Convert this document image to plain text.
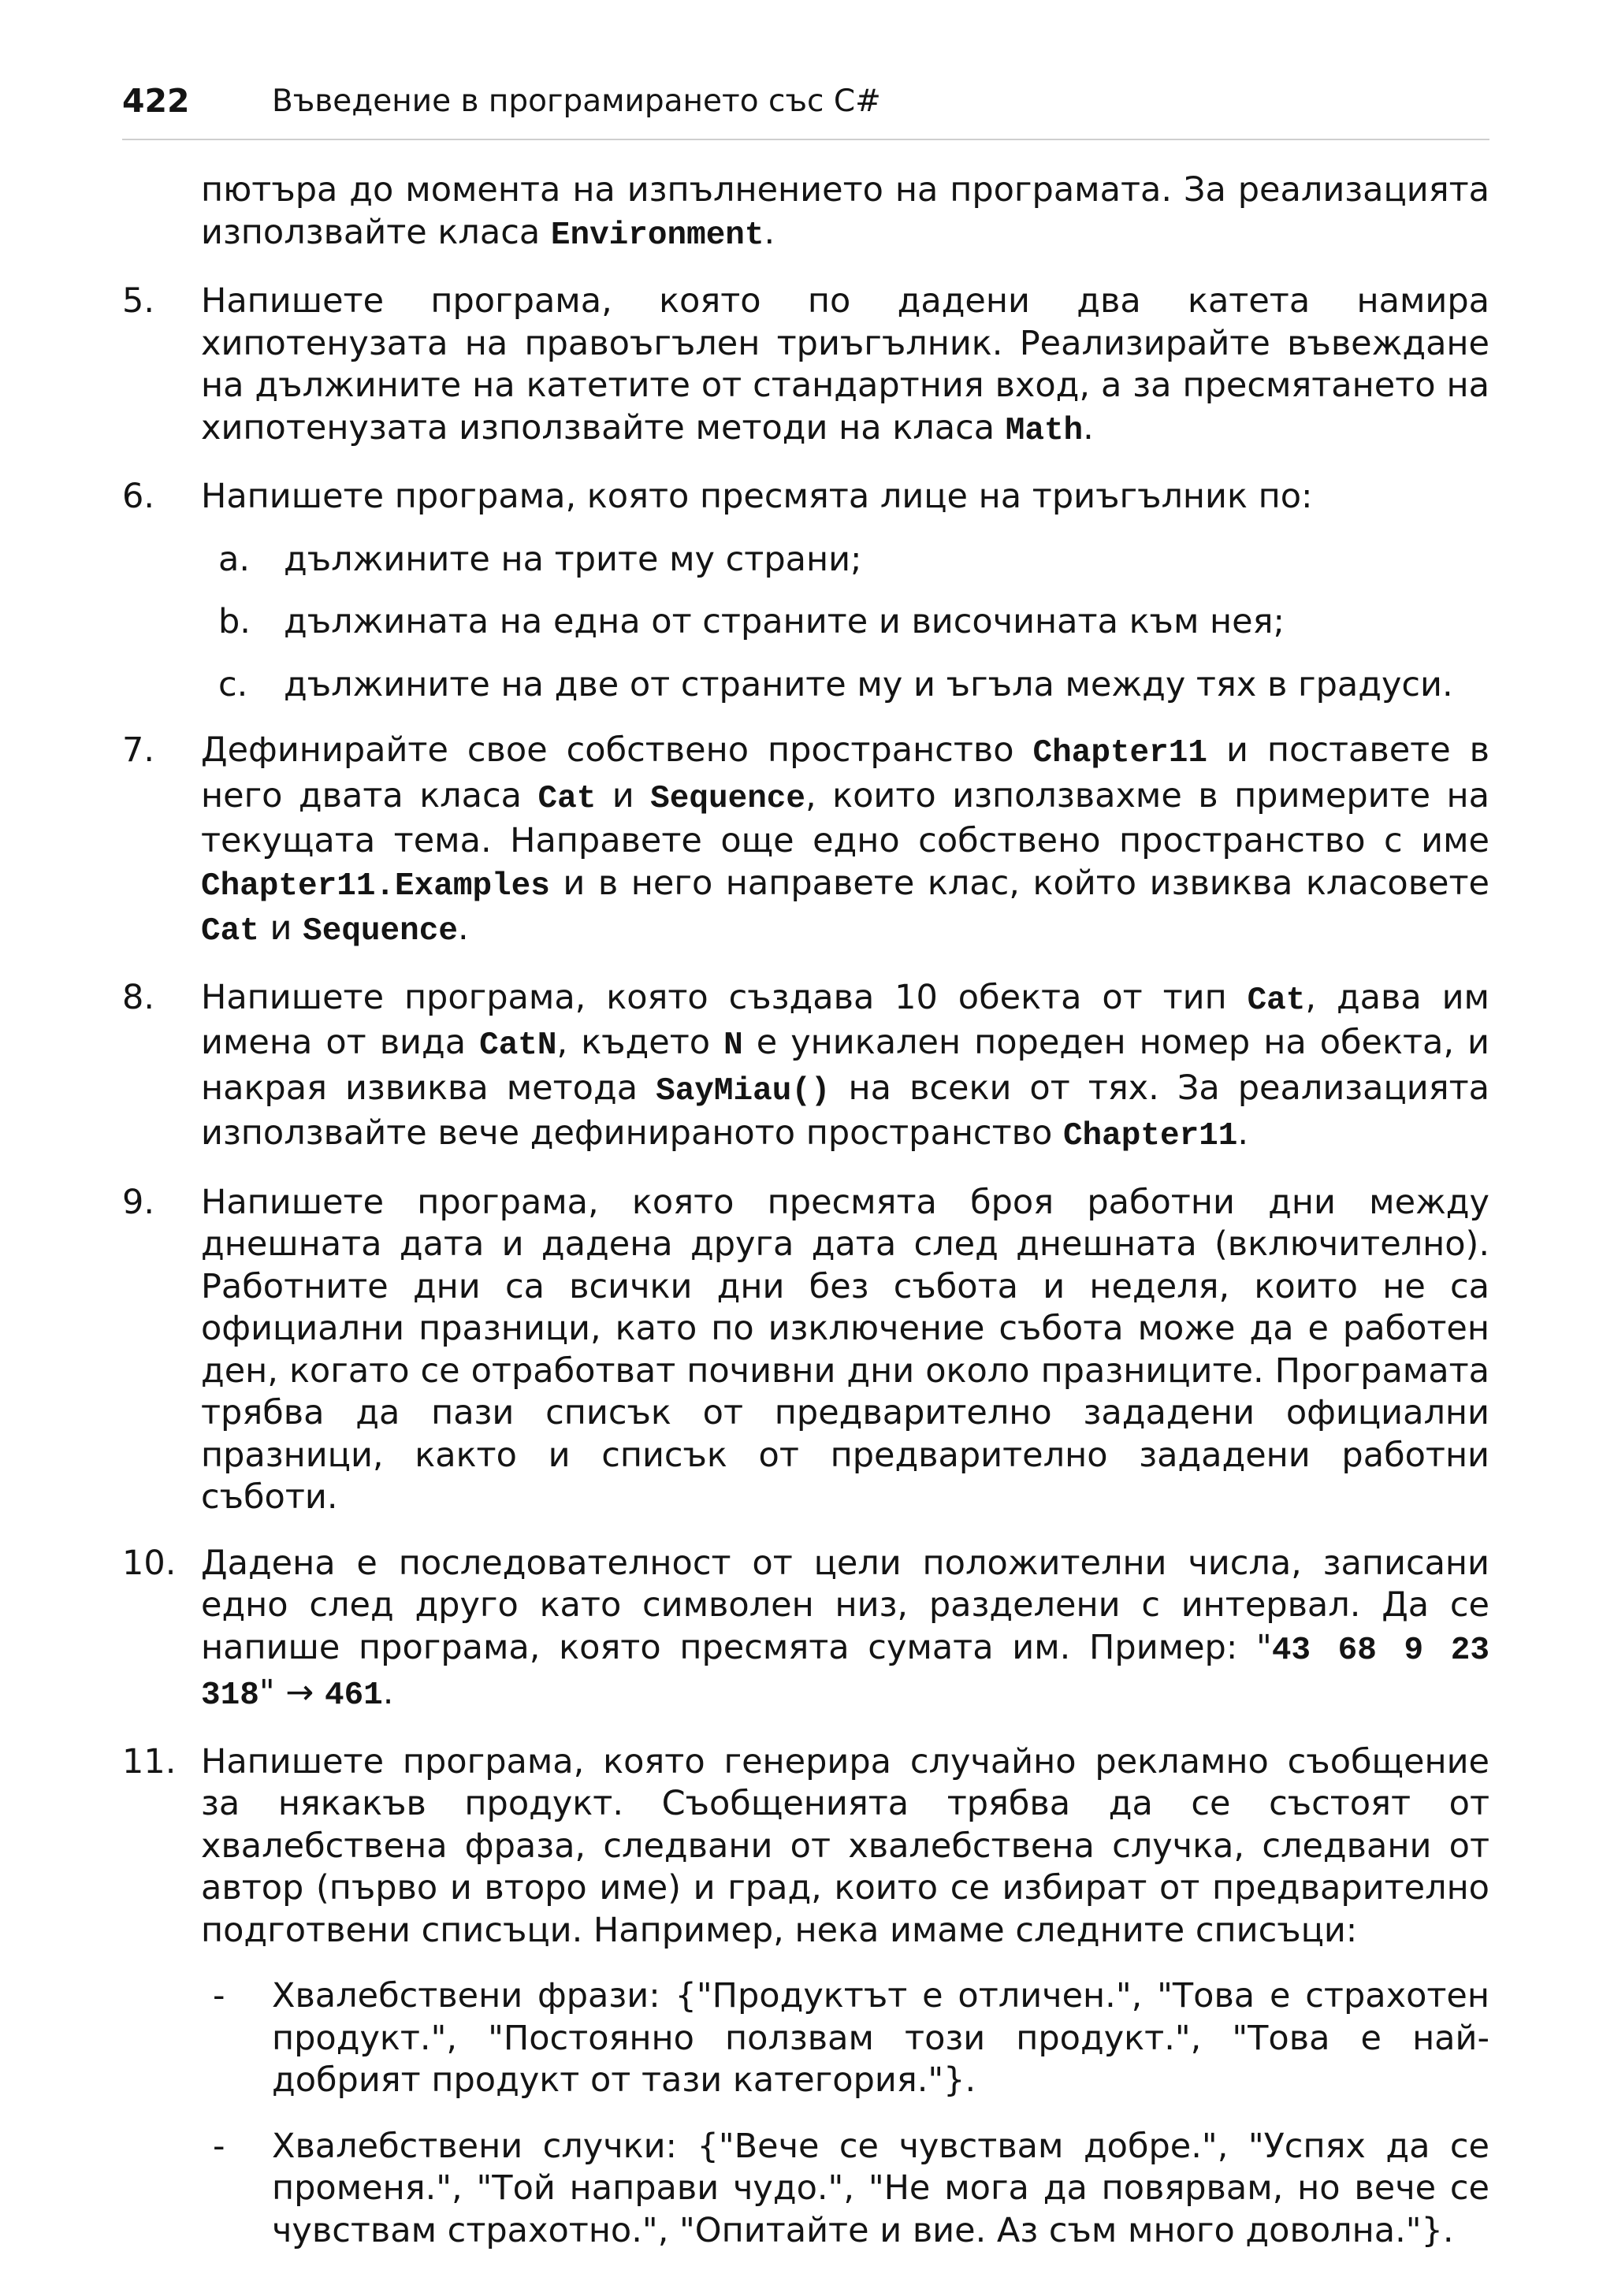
422	Въведение в програмирането със C#

пютъра до момента на изпълнението на програмата. За реализацията използвайте класа Environment.

5. Напишете програма, която по дадени два катета намира хипотенузата на правоъгълен триъгълник. Реализирайте въвеждане на дължините на катетите от стандартния вход, а за пресмятането на хипотенузата използвайте методи на класа Math.

6. Напишете програма, която пресмята лице на триъгълник по:

a. дължините на трите му страни;

b. дължината на една от страните и височината към нея;

c. дължините на две от страните му и ъгъла между тях в градуси.

7. Дефинирайте свое собствено пространство Chapter11 и поставете в него двата класа Cat и Sequence, които използвахме в примерите на текущата тема. Направете още едно собствено пространство с име Chapter11.Examples и в него направете клас, който извиква класовете Cat и Sequence.

8. Напишете програма, която създава 10 обекта от тип Cat, дава им имена от вида CatN, където N е уникален пореден номер на обекта, и накрая извиква метода SayMiau() на всеки от тях. За реализацията използвайте вече дефинираното пространство Chapter11.

9. Напишете програма, която пресмята броя работни дни между днешната дата и дадена друга дата след днешната (включително). Работните дни са всички дни без събота и неделя, които не са официални празници, като по изключение събота може да е работен ден, когато се отработват почивни дни около празниците. Програмата трябва да пази списък от предварително зададени официални празници, както и списък от предварително зададени работни съботи.

10. Дадена е последователност от цели положителни числа, записани едно след друго като символен низ, разделени с интервал. Да се напише програма, която пресмята сумата им. Пример: "43 68 9 23 318" → 461.

11. Напишете програма, която генерира случайно рекламно съобщение за някакъв продукт. Съобщенията трябва да се състоят от хвалебствена фраза, следвани от хвалебствена случка, следвани от автор (първо и второ име) и град, които се избират от предварително подготвени списъци. Например, нека имаме следните списъци:

- Хвалебствени фрази: {"Продуктът е отличен.", "Това е страхотен продукт.", "Постоянно ползвам този продукт.", "Това е най-добрият продукт от тази категория."}.

- Хвалебствени случки: {"Вече се чувствам добре.", "Успях да се променя.", "Той направи чудо.", "Не мога да повярвам, но вече се чувствам страхотно.", "Опитайте и вие. Аз съм много доволна."}.
